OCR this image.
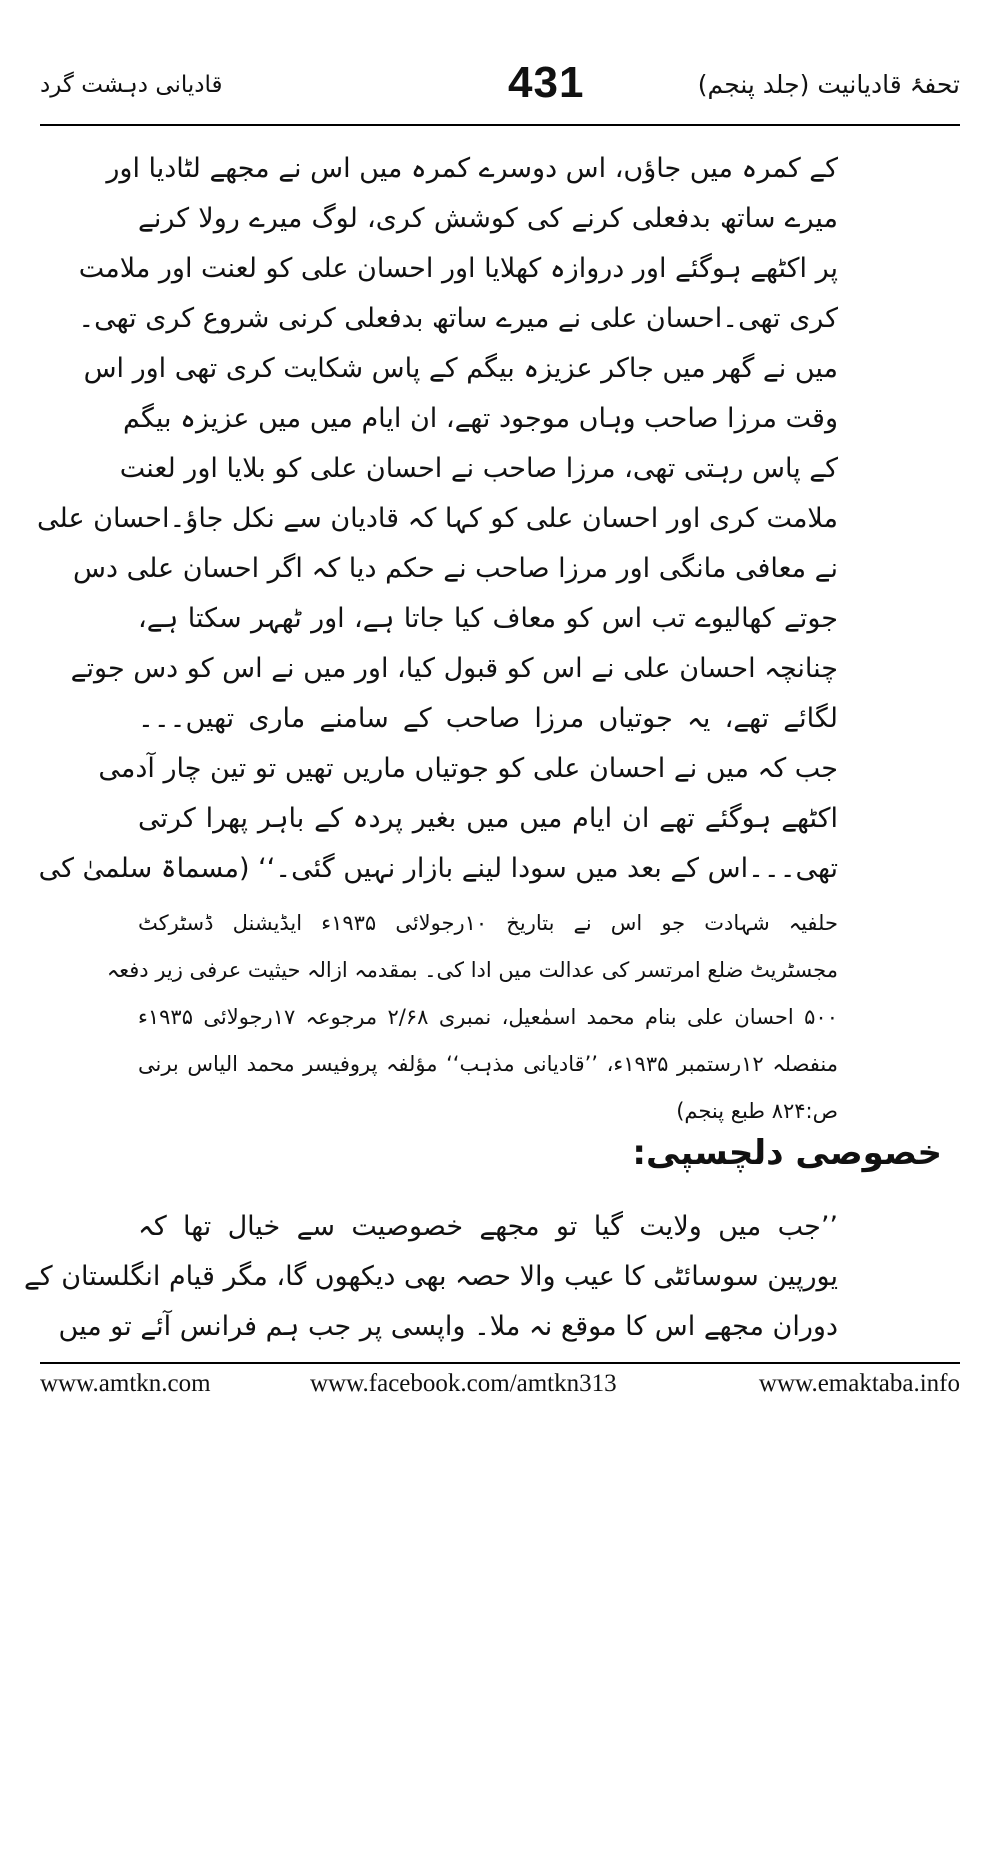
تحفۂ قادیانیت (جلد پنجم)
431
قادیانی دہشت گرد
کے کمرہ میں جاؤں، اس دوسرے کمرہ میں اس نے مجھے لٹادیا اور
میرے ساتھ بدفعلی کرنے کی کوشش کری، لوگ میرے رولا کرنے
پر اکٹھے ہوگئے اور دروازہ کھلایا اور احسان علی کو لعنت اور ملامت
کری تھی۔احسان علی نے میرے ساتھ بدفعلی کرنی شروع کری تھی۔
میں نے گھر میں جاکر عزیزہ بیگم کے پاس شکایت کری تھی اور اس
وقت مرزا صاحب وہاں موجود تھے، ان ایام میں میں عزیزہ بیگم
کے پاس رہتی تھی، مرزا صاحب نے احسان علی کو بلایا اور لعنت
ملامت کری اور احسان علی کو کہا کہ قادیان سے نکل جاؤ۔احسان علی
نے معافی مانگی اور مرزا صاحب نے حکم دیا کہ اگر احسان علی دس
جوتے کھالیوے تب اس کو معاف کیا جاتا ہے، اور ٹھہر سکتا ہے،
چنانچہ احسان علی نے اس کو قبول کیا، اور میں نے اس کو دس جوتے
لگائے تھے، یہ جوتیاں مرزا صاحب کے سامنے ماری تھیں۔۔۔
جب کہ میں نے احسان علی کو جوتیاں ماریں تھیں تو تین چار آدمی
اکٹھے ہوگئے تھے ان ایام میں میں بغیر پردہ کے باہر پھرا کرتی
تھی۔۔۔اس کے بعد میں سودا لینے بازار نہیں گئی۔‘‘ (مسماۃ سلمیٰ کی
حلفیہ شہادت جو اس نے بتاریخ ۱۰رجولائی ۱۹۳۵ء ایڈیشنل ڈسٹرکٹ
مجسٹریٹ ضلع امرتسر کی عدالت میں ادا کی۔ بمقدمہ ازالہ حیثیت عرفی زیر دفعہ
۵۰۰ احسان علی بنام محمد اسمٰعیل، نمبری ۲/۶۸ مرجوعہ ۱۷رجولائی ۱۹۳۵ء
منفصلہ ۱۲رستمبر ۱۹۳۵ء، ’’قادیانی مذہب‘‘ مؤلفہ پروفیسر محمد الیاس برنی
ص:۸۲۴ طبع پنجم)
خصوصی دلچسپی:
’’جب میں ولایت گیا تو مجھے خصوصیت سے خیال تھا کہ
یورپین سوسائٹی کا عیب والا حصہ بھی دیکھوں گا، مگر قیام انگلستان کے
دوران مجھے اس کا موقع نہ ملا۔ واپسی پر جب ہم فرانس آئے تو میں
www.amtkn.com	www.facebook.com/amtkn313	www.emaktaba.info
